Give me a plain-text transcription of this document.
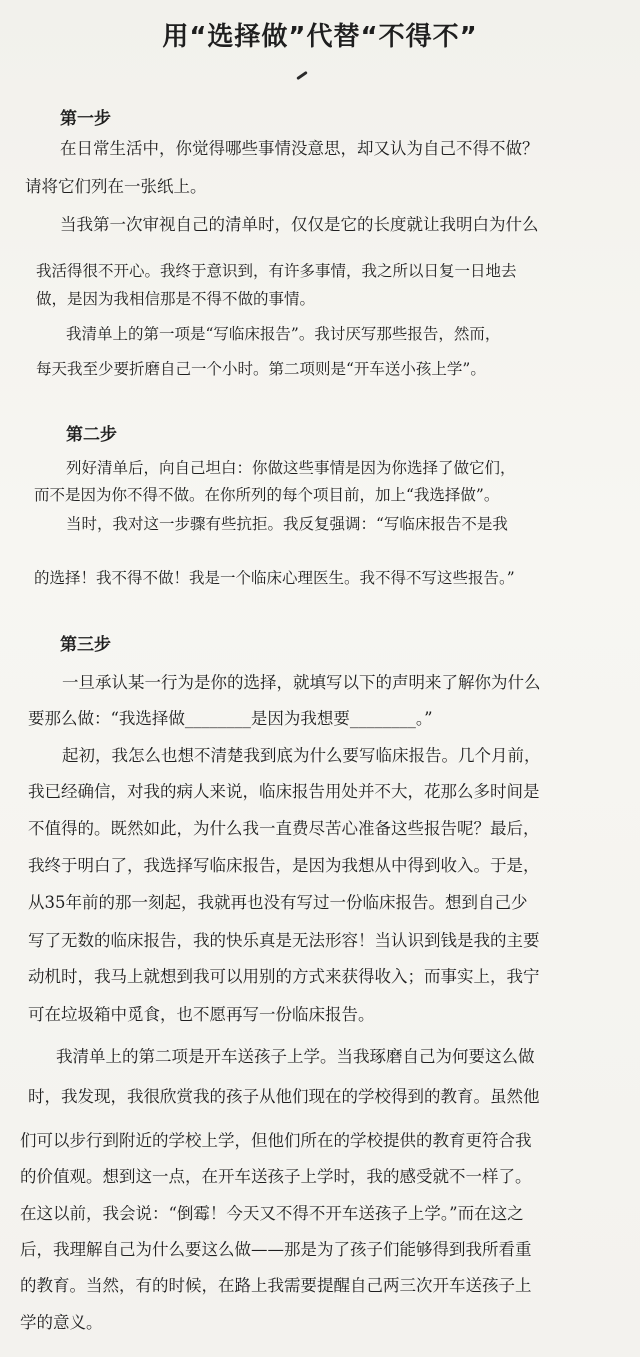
用“选择做”代替“不得不”
第一步

在日常生活中，你觉得哪些事情没意思，却又认为自己不得不做？

请将它们列在一张纸上。

当我第一次审视自己的清单时，仅仅是它的长度就让我明白为什么

我活得很不开心。我终于意识到，有许多事情，我之所以日复一日地去

做，是因为我相信那是不得不做的事情。

我清单上的第一项是“写临床报告”。我讨厌写那些报告，然而，

每天我至少要折磨自己一个小时。第二项则是“开车送小孩上学”。

第二步

列好清单后，向自己坦白：你做这些事情是因为你选择了做它们，

而不是因为你不得不做。在你所列的每个项目前，加上“我选择做”。

当时，我对这一步骤有些抗拒。我反复强调：“写临床报告不是我

的选择！我不得不做！我是一个临床心理医生。我不得不写这些报告。”

第三步

一旦承认某一行为是你的选择，就填写以下的声明来了解你为什么

要那么做：“我选择做________是因为我想要________。”

起初，我怎么也想不清楚我到底为什么要写临床报告。几个月前，

我已经确信，对我的病人来说，临床报告用处并不大，花那么多时间是

不值得的。既然如此，为什么我一直费尽苦心准备这些报告呢？最后，

我终于明白了，我选择写临床报告，是因为我想从中得到收入。于是，

从35年前的那一刻起，我就再也没有写过一份临床报告。想到自己少

写了无数的临床报告，我的快乐真是无法形容！当认识到钱是我的主要

动机时，我马上就想到我可以用别的方式来获得收入；而事实上，我宁

可在垃圾箱中觅食，也不愿再写一份临床报告。

我清单上的第二项是开车送孩子上学。当我琢磨自己为何要这么做

时，我发现，我很欣赏我的孩子从他们现在的学校得到的教育。虽然他

们可以步行到附近的学校上学，但他们所在的学校提供的教育更符合我

的价值观。想到这一点，在开车送孩子上学时，我的感受就不一样了。

在这以前，我会说：“倒霉！今天又不得不开车送孩子上学。”而在这之

后，我理解自己为什么要这么做——那是为了孩子们能够得到我所看重

的教育。当然，有的时候，在路上我需要提醒自己两三次开车送孩子上

学的意义。
